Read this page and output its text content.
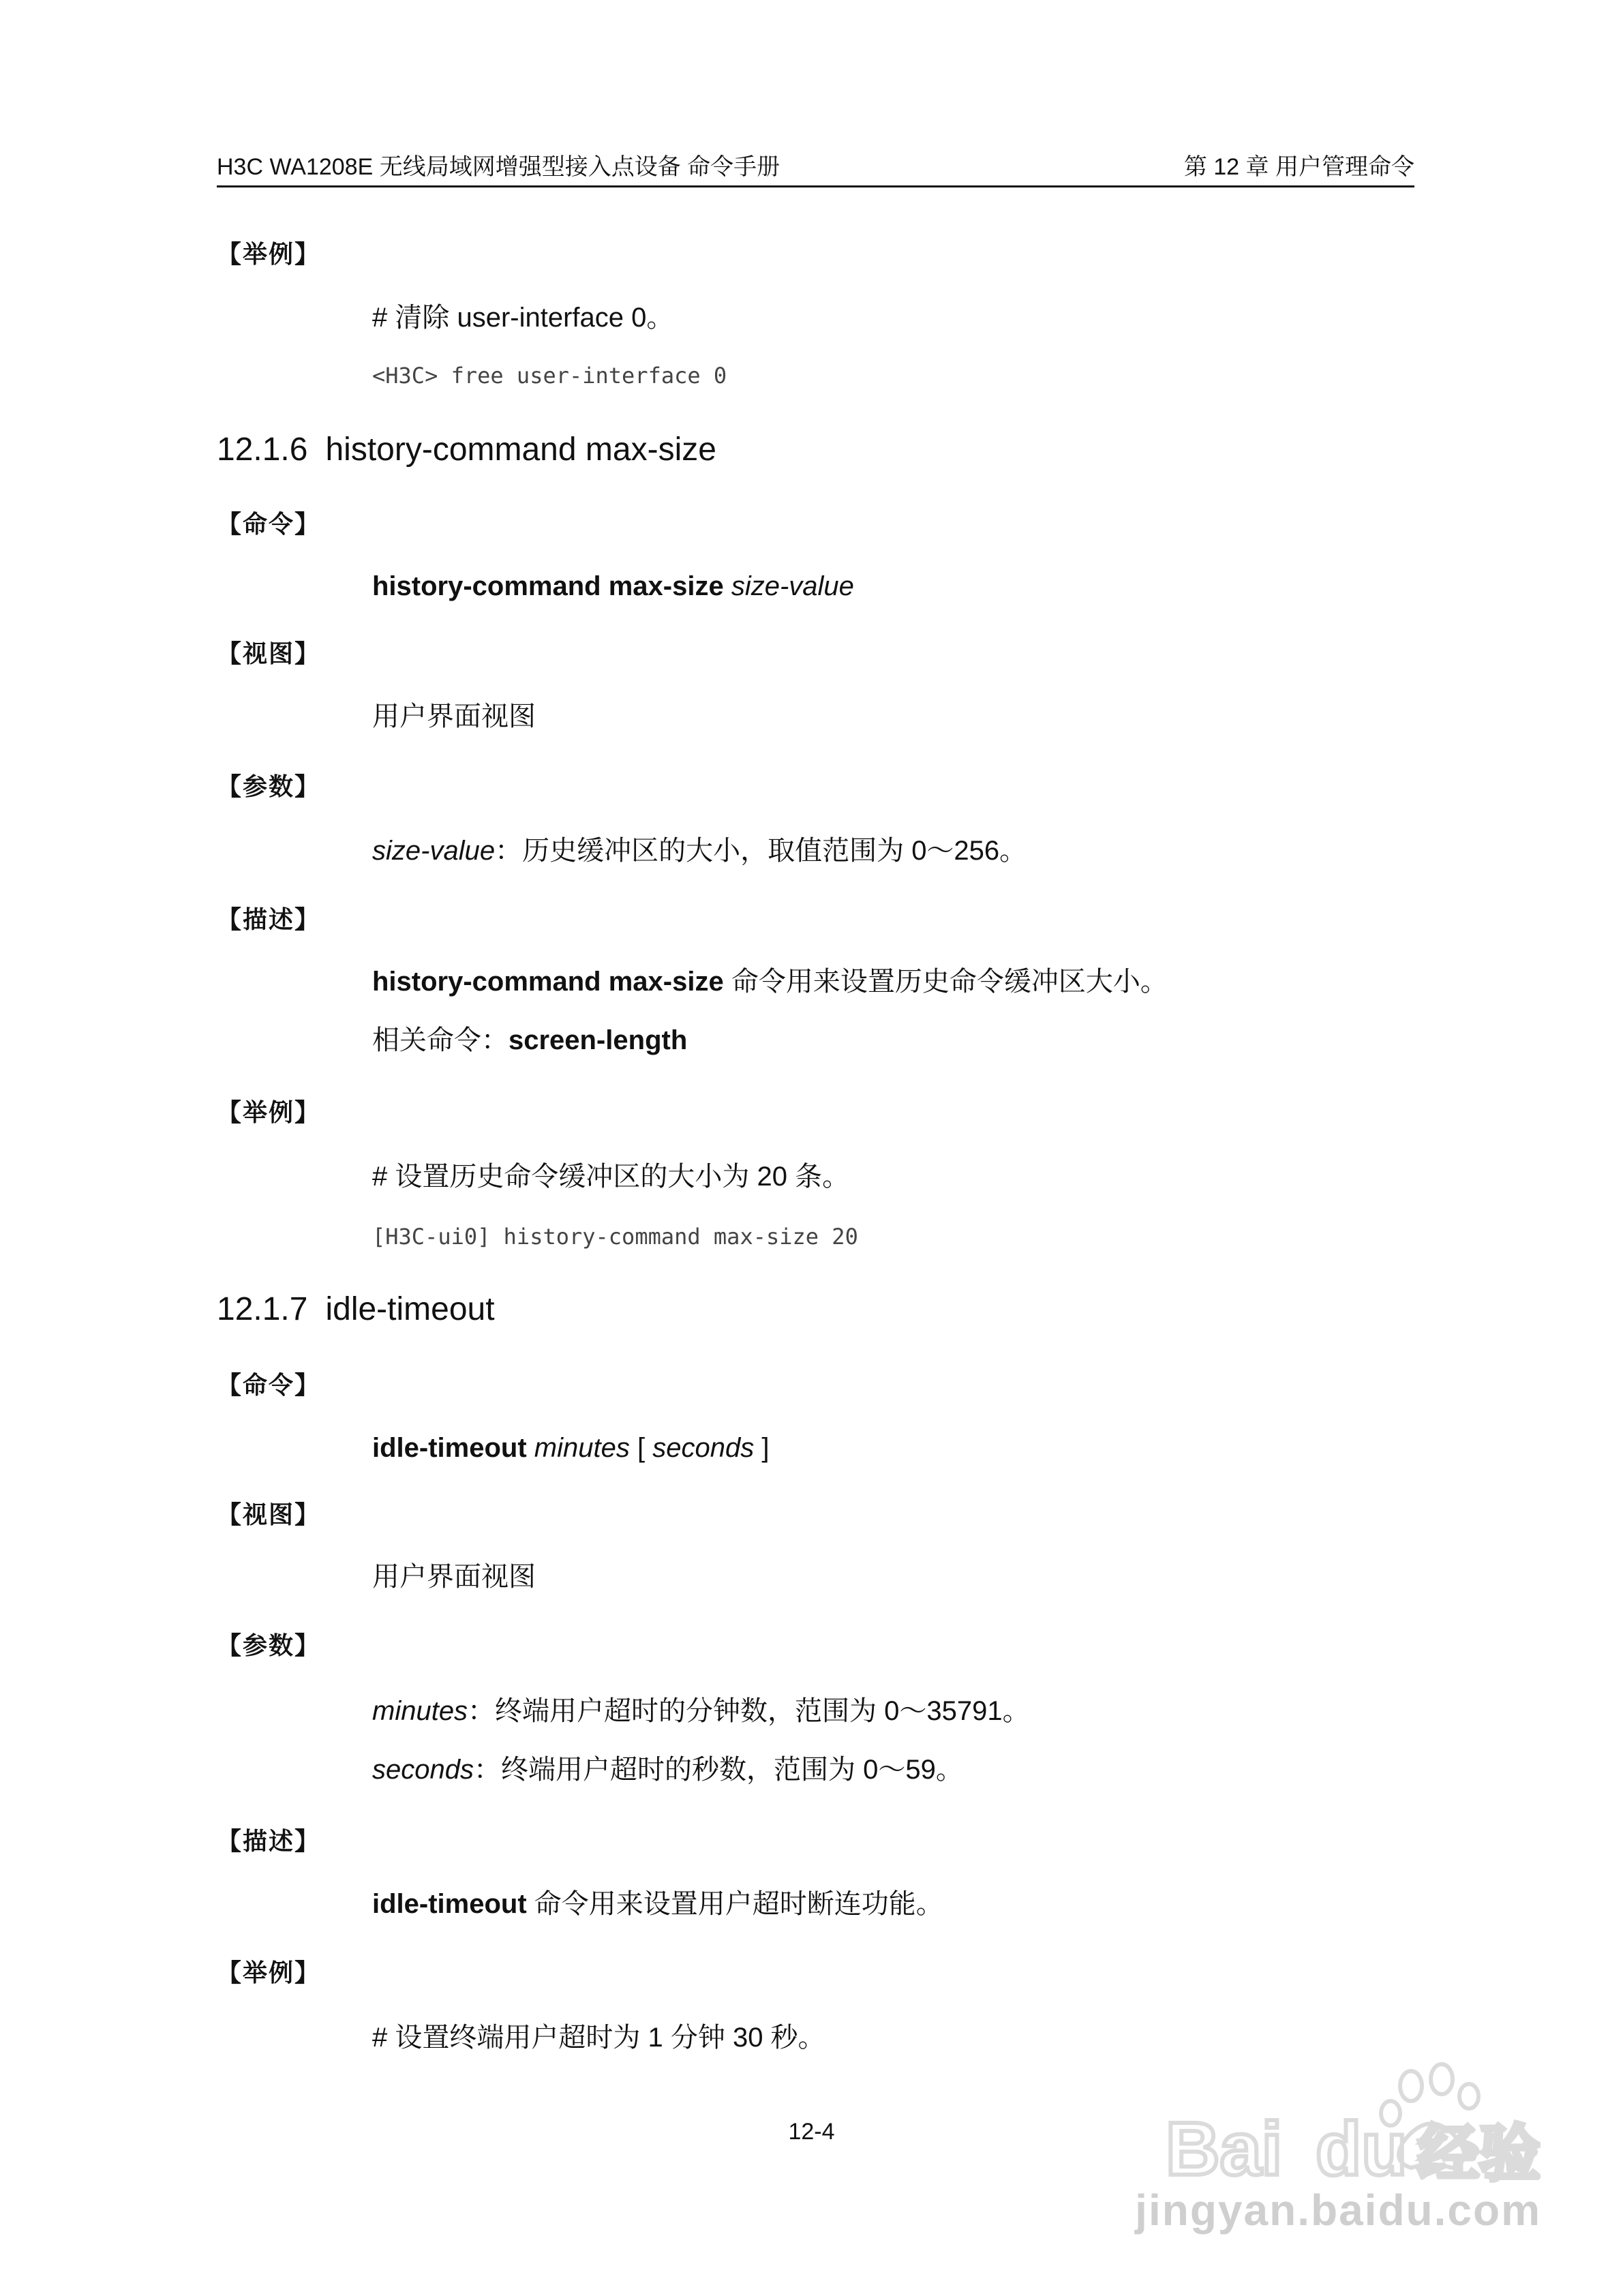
H3C WA1208E 无线局域网增强型接入点设备 命令手册	第 12 章 用户管理命令
【举例】
# 清除 user-interface 0。
<H3C> free user-interface 0
12.1.6 history-command max-size
【命令】
history-command max-size size-value
【视图】
用户界面视图
【参数】
size-value：历史缓冲区的大小，取值范围为 0～256。
【描述】
history-command max-size 命令用来设置历史命令缓冲区大小。
相关命令：screen-length
【举例】
# 设置历史命令缓冲区的大小为 20 条。
[H3C-ui0] history-command max-size 20
12.1.7 idle-timeout
【命令】
idle-timeout minutes [ seconds ]
【视图】
用户界面视图
【参数】
minutes：终端用户超时的分钟数，范围为 0～35791。
seconds：终端用户超时的秒数，范围为 0～59。
【描述】
idle-timeout 命令用来设置用户超时断连功能。
【举例】
# 设置终端用户超时为 1 分钟 30 秒。
12-4	Bai du 经验
jingyan.baidu.com
